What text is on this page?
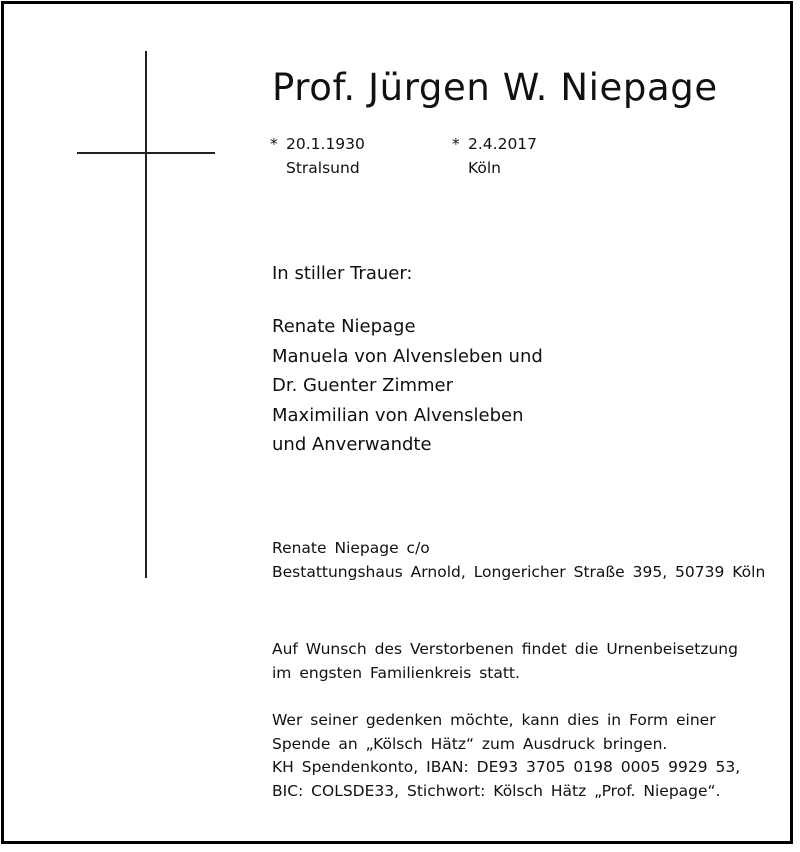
Prof. Jürgen W. Niepage
* 20.1.1930
Stralsund
* 2.4.2017
Köln
In stiller Trauer:
Renate Niepage
Manuela von Alvensleben und
Dr. Guenter Zimmer
Maximilian von Alvensleben
und Anverwandte
Renate Niepage c/o
Bestattungshaus Arnold, Longericher Straße 395, 50739 Köln
Auf Wunsch des Verstorbenen findet die Urnenbeisetzung
im engsten Familienkreis statt.
Wer seiner gedenken möchte, kann dies in Form einer
Spende an „Kölsch Hätz“ zum Ausdruck bringen.
KH Spendenkonto, IBAN: DE93 3705 0198 0005 9929 53,
BIC: COLSDE33, Stichwort: Kölsch Hätz „Prof. Niepage“.
